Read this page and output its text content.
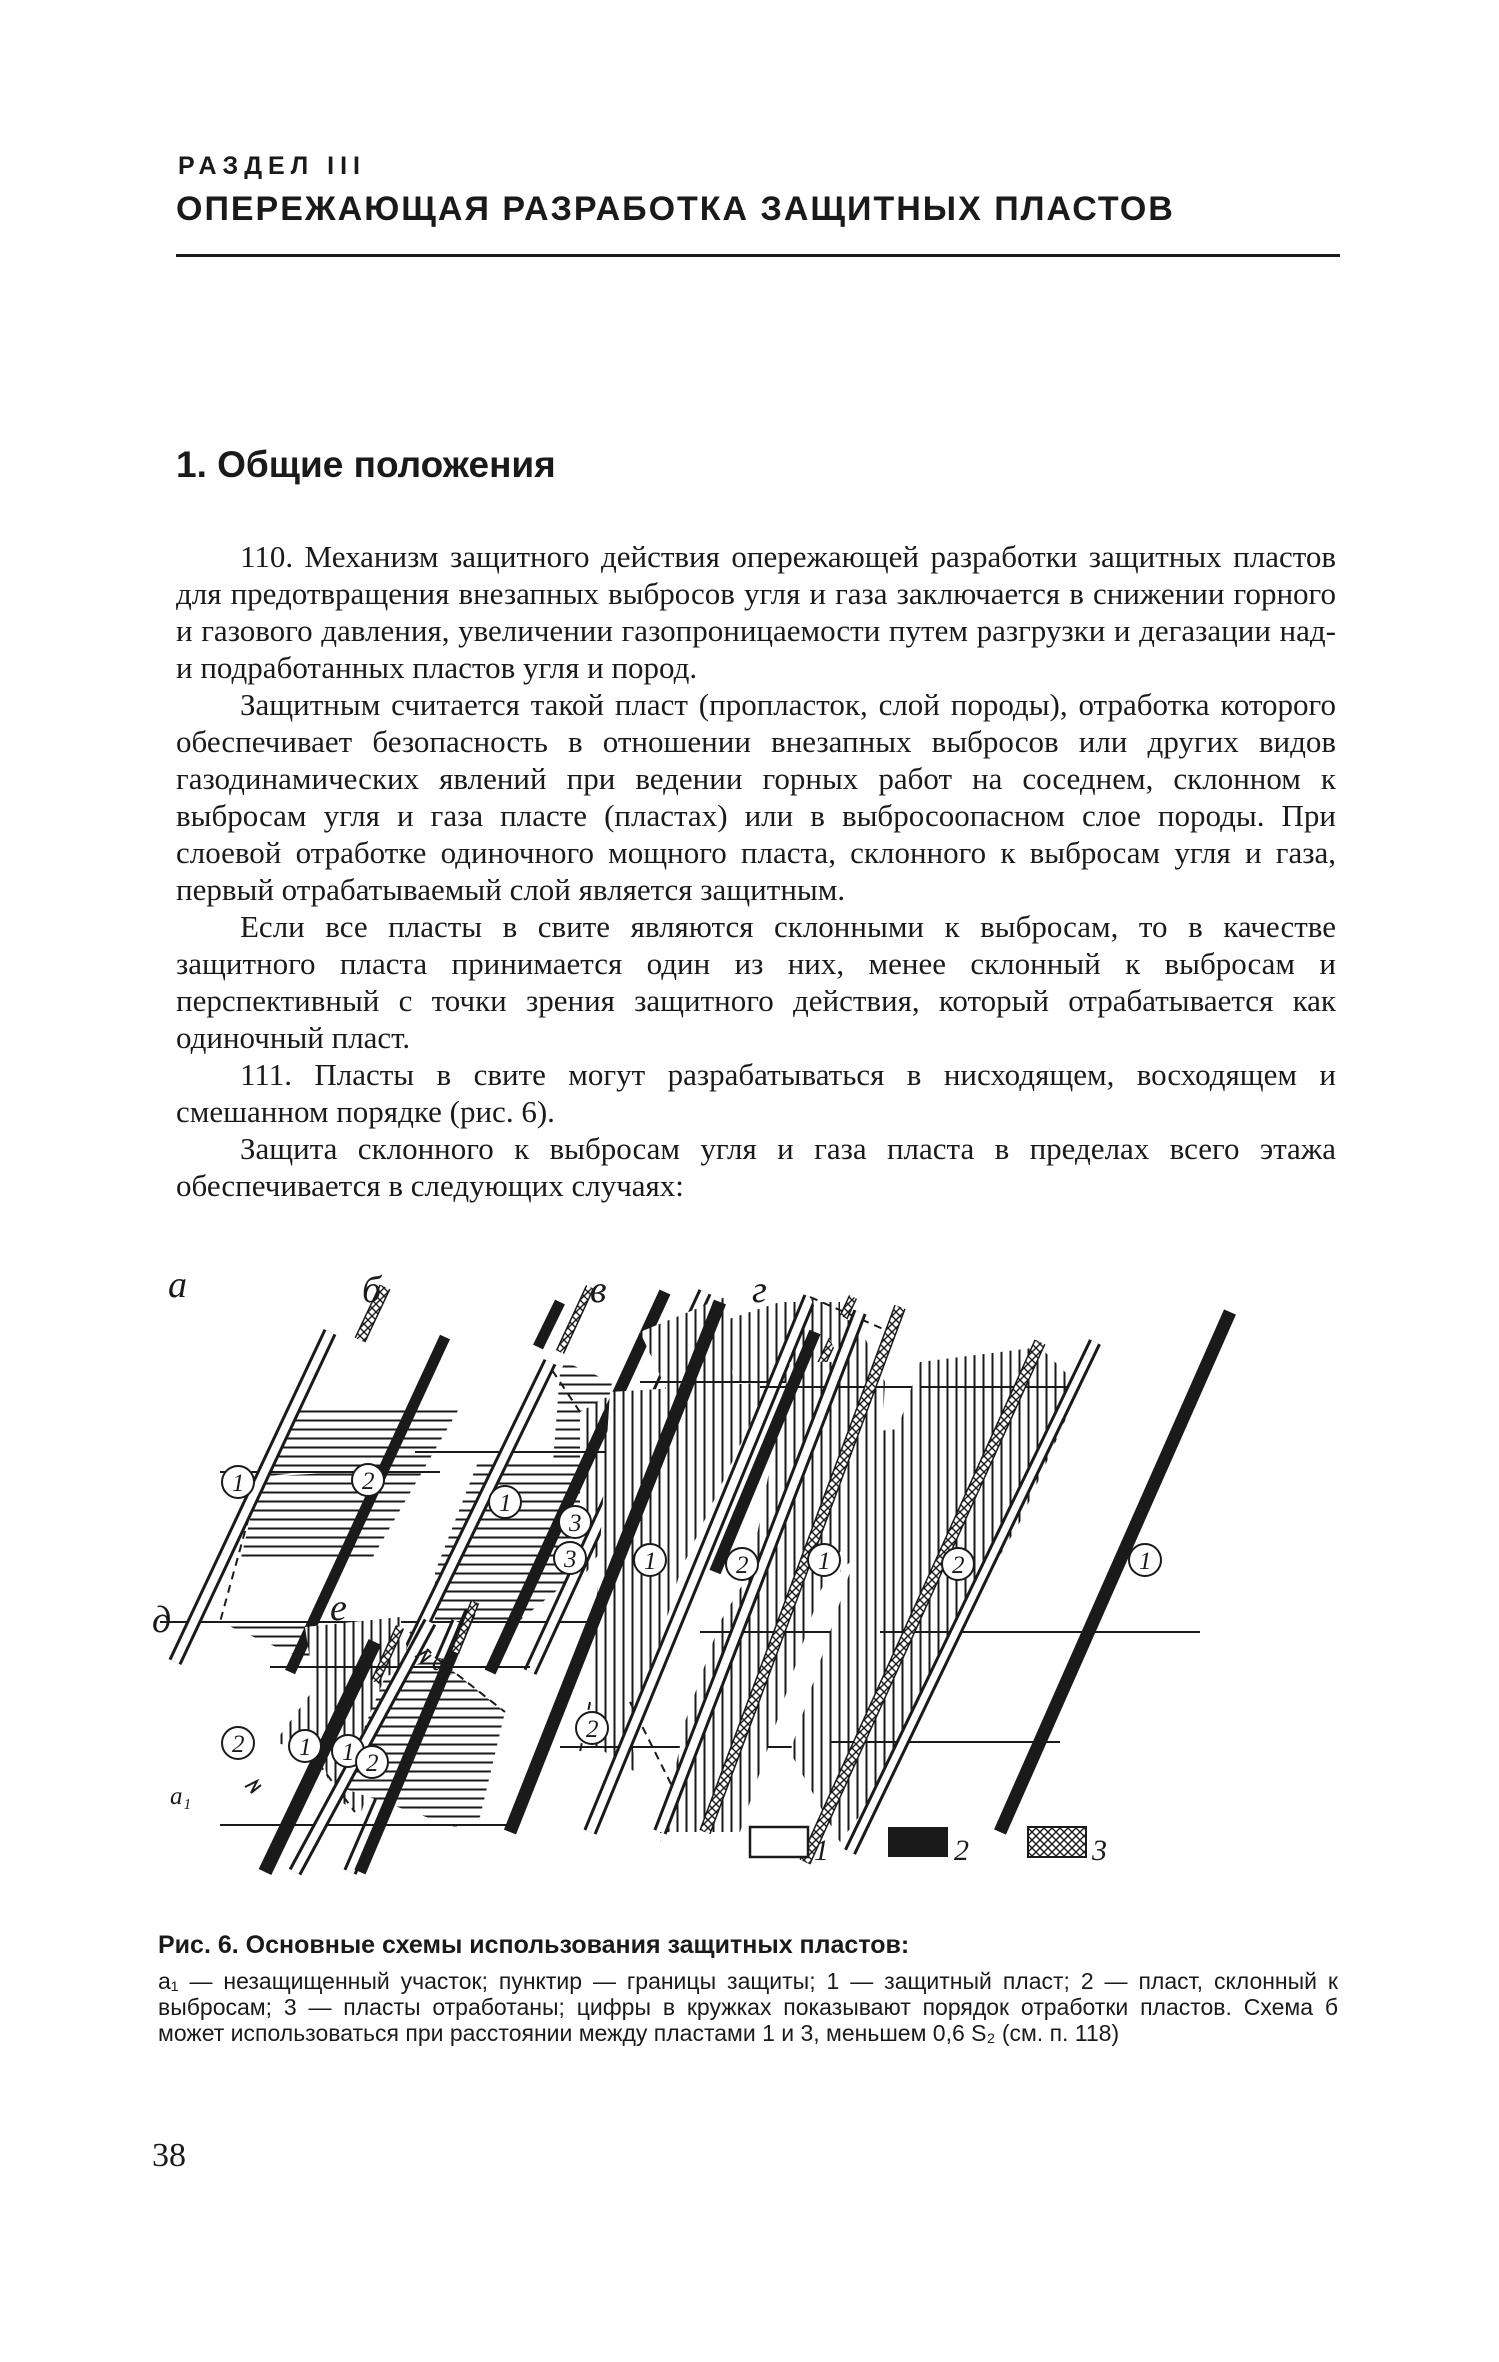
РАЗДЕЛ III
ОПЕРЕЖАЮЩАЯ РАЗРАБОТКА ЗАЩИТНЫХ ПЛАСТОВ
1. Общие положения

110. Механизм защитного действия опережающей разработки защитных пластов для предотвращения внезапных выбросов угля и газа заключается в снижении горного и газового давления, увеличении газопроницаемости путем разгрузки и дегазации над- и подработанных пластов угля и пород.

Защитным считается такой пласт (пропласток, слой породы), отработка которого обеспечивает безопасность в отношении внезапных выбросов или других видов газодинамических явлений при ведении горных работ на соседнем, склонном к выбросам угля и газа пласте (пластах) или в выбросоопасном слое породы. При слоевой отработке одиночного мощного пласта, склонного к выбросам угля и газа, первый отрабатываемый слой является защитным.

Если все пласты в свите являются склонными к выбросам, то в качестве защитного пласта принимается один из них, менее склонный к выбросам и перспективный с точки зрения защитного действия, который отрабатывается как одиночный пласт.

111. Пласты в свите могут разрабатываться в нисходящем, восходящем и смешанном порядке (рис. 6).

Защита склонного к выбросам угля и газа пласта в пределах всего этажа обеспечивается в следующих случаях:

а	б	в	г
д	е
1	2
1
3 2
3	1
2
2	1	2	1
2 1 1 2
a₁
a₁
1	2	3

Рис. 6. Основные схемы использования защитных пластов:

a₁ — незащищенный участок; пунктир — границы защиты; 1 — защитный пласт; 2 — пласт, склонный к выбросам; 3 — пласты отработаны; цифры в кружках показывают порядок отработки пластов. Схема б может использоваться при расстоянии между пластами 1 и 3, меньшем 0,6 S₂ (см. п. 118)

38
